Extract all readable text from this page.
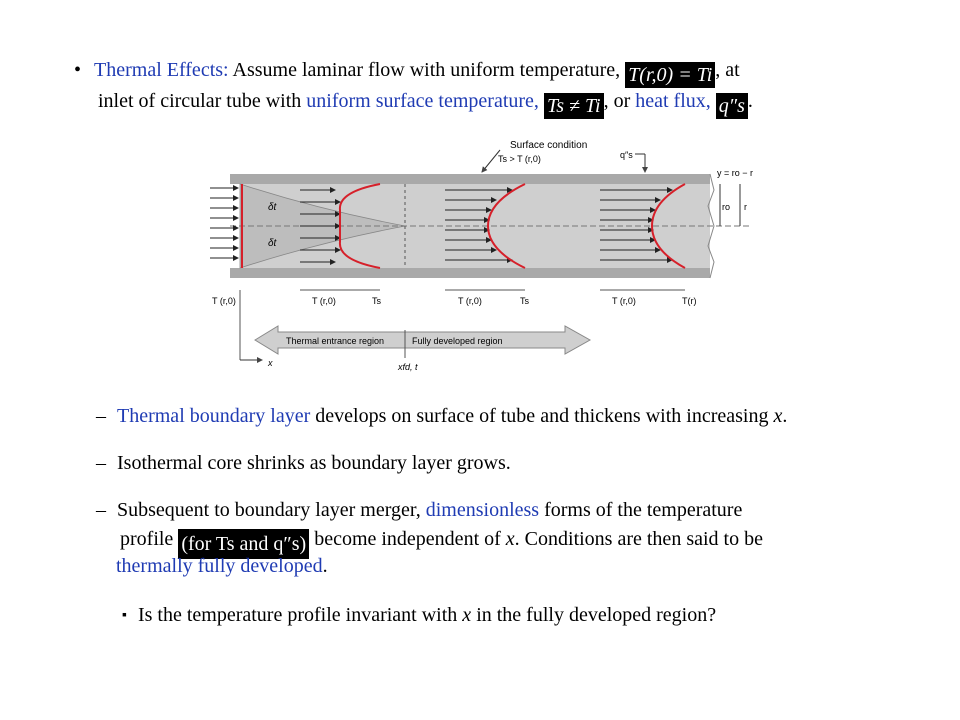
• Thermal Effects: Assume laminar flow with uniform temperature, T(r,0) = Ti , at
inlet of circular tube with uniform surface temperature, Ts ≠ Ti , or heat flux, q″s .
Surface condition
Ts > T (r,0)	q″s
y = ro − r
ro r
δt
δt
T (r,0)	T (r,0)	Ts	T (r,0)	Ts	T (r,0)	T(r)
Thermal entrance region	Fully developed region
x	xfd, t
– Thermal boundary layer develops on surface of tube and thickens with increasing x.
– Isothermal core shrinks as boundary layer grows.
– Subsequent to boundary layer merger, dimensionless forms of the temperature
profile (for Ts and q″s) become independent of x. Conditions are then said to be
thermally fully developed.
▪ Is the temperature profile invariant with x in the fully developed region?
